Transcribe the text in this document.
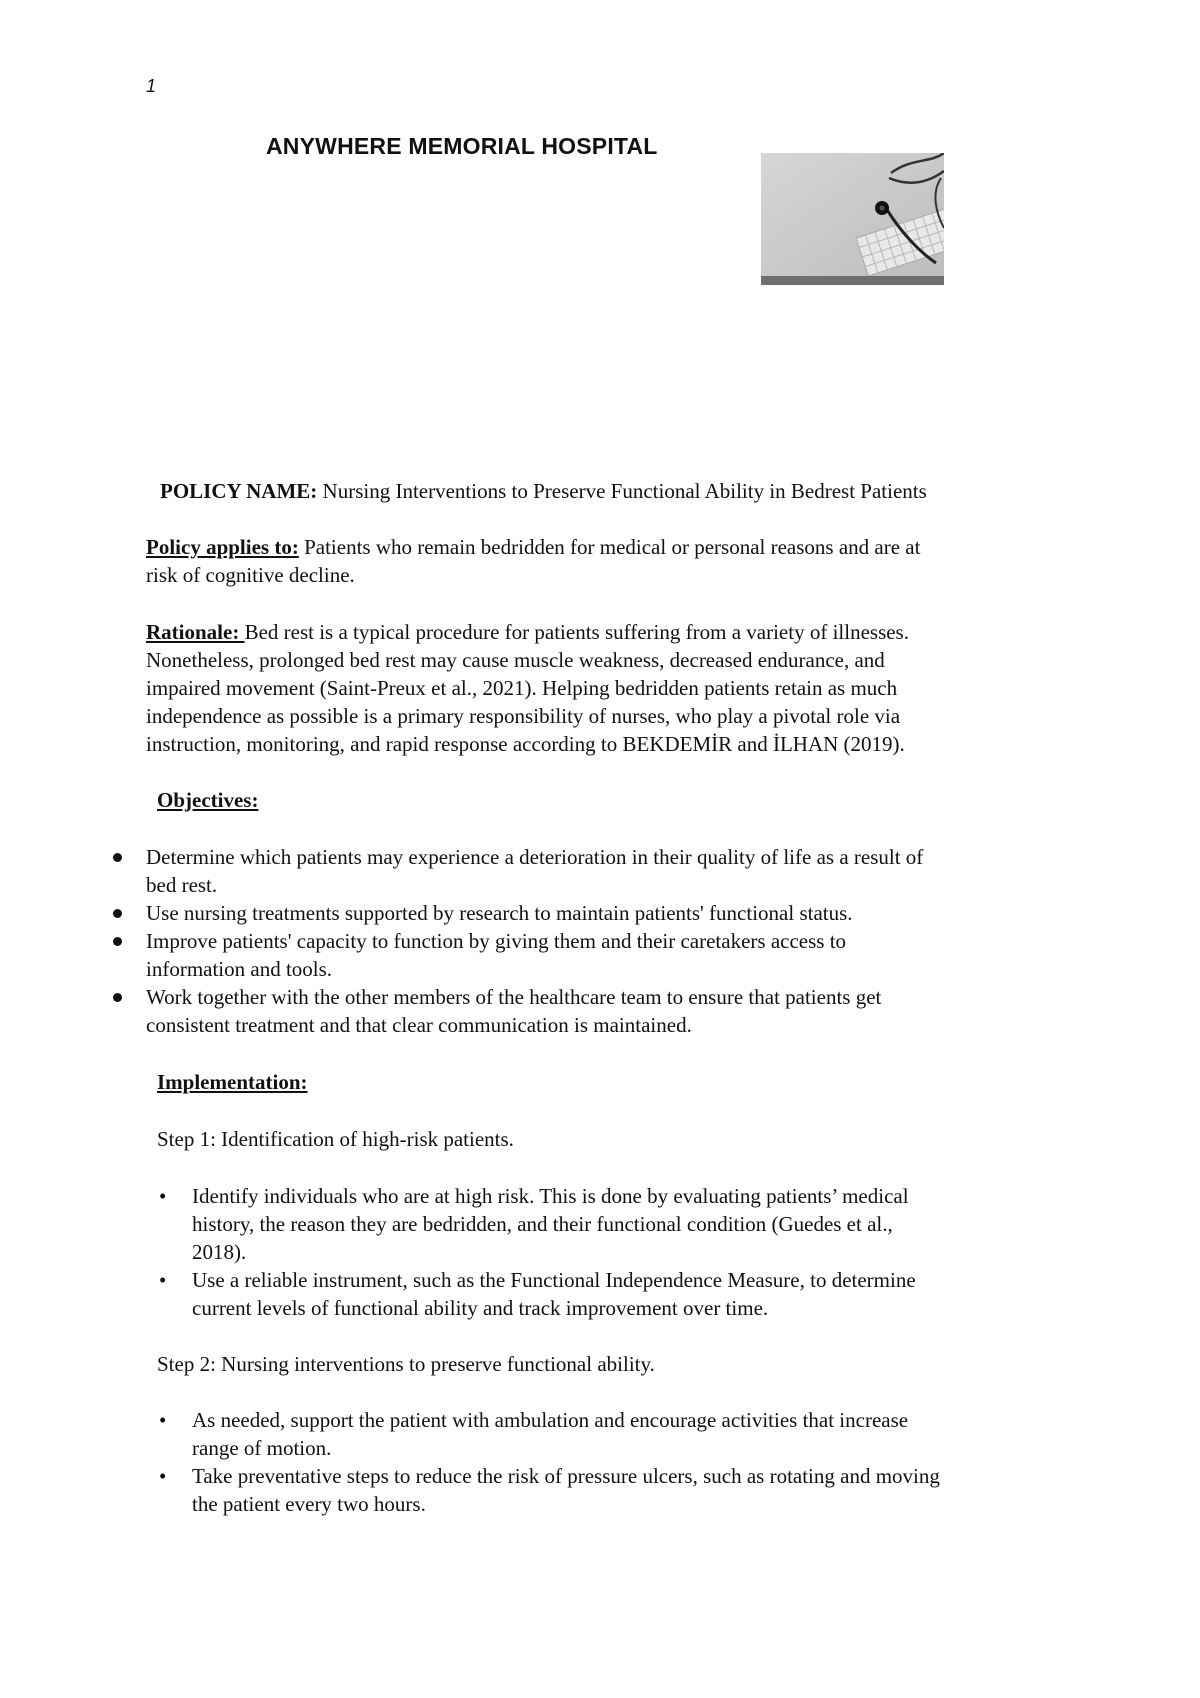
1
ANYWHERE MEMORIAL HOSPITAL
POLICY NAME: Nursing Interventions to Preserve Functional Ability in Bedrest Patients
Policy applies to: Patients who remain bedridden for medical or personal reasons and are at
risk of cognitive decline.
Rationale: Bed rest is a typical procedure for patients suffering from a variety of illnesses.
Nonetheless, prolonged bed rest may cause muscle weakness, decreased endurance, and
impaired movement (Saint-Preux et al., 2021). Helping bedridden patients retain as much
independence as possible is a primary responsibility of nurses, who play a pivotal role via
instruction, monitoring, and rapid response according to BEKDEMİR and İLHAN (2019).
Objectives:
Determine which patients may experience a deterioration in their quality of life as a result of
bed rest.
Use nursing treatments supported by research to maintain patients' functional status.
Improve patients' capacity to function by giving them and their caretakers access to
information and tools.
Work together with the other members of the healthcare team to ensure that patients get
consistent treatment and that clear communication is maintained.
Implementation:
Step 1: Identification of high-risk patients.
• Identify individuals who are at high risk. This is done by evaluating patients’ medical
history, the reason they are bedridden, and their functional condition (Guedes et al.,
2018).
• Use a reliable instrument, such as the Functional Independence Measure, to determine
current levels of functional ability and track improvement over time.
Step 2: Nursing interventions to preserve functional ability.
• As needed, support the patient with ambulation and encourage activities that increase
range of motion.
• Take preventative steps to reduce the risk of pressure ulcers, such as rotating and moving
the patient every two hours.
